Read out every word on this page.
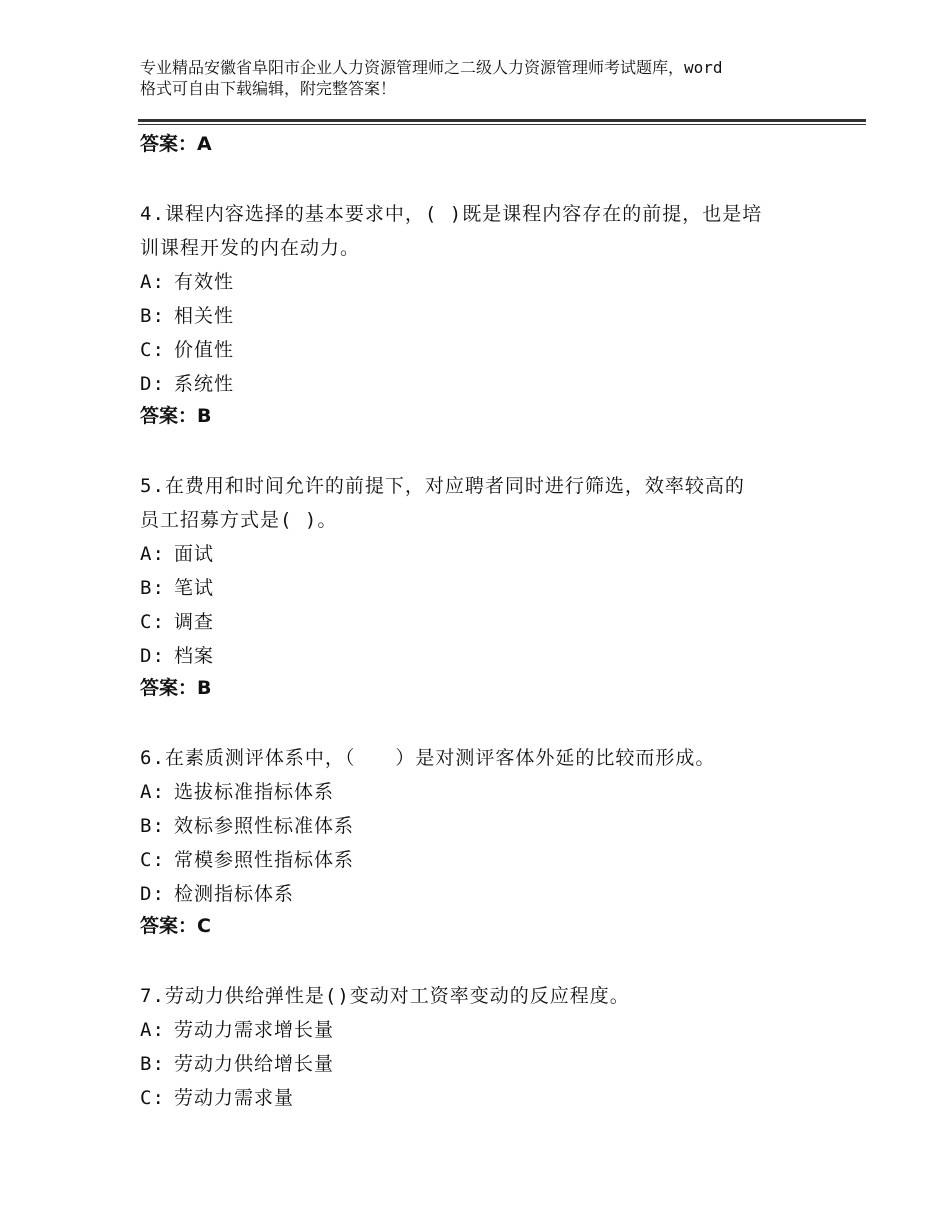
专业精品安徽省阜阳市企业人力资源管理师之二级人力资源管理师考试题库，word
格式可自由下载编辑，附完整答案！
答案：A
4.课程内容选择的基本要求中，( )既是课程内容存在的前提，也是培
训课程开发的内在动力。
A: 有效性
B: 相关性
C: 价值性
D: 系统性
答案：B
5.在费用和时间允许的前提下，对应聘者同时进行筛选，效率较高的
员工招募方式是( )。
A: 面试
B: 笔试
C: 调查
D: 档案
答案：B
6.在素质测评体系中，（　　）是对测评客体外延的比较而形成。
A: 选拔标准指标体系
B: 效标参照性标准体系
C: 常模参照性指标体系
D: 检测指标体系
答案：C
7.劳动力供给弹性是()变动对工资率变动的反应程度。
A: 劳动力需求增长量
B: 劳动力供给增长量
C: 劳动力需求量
